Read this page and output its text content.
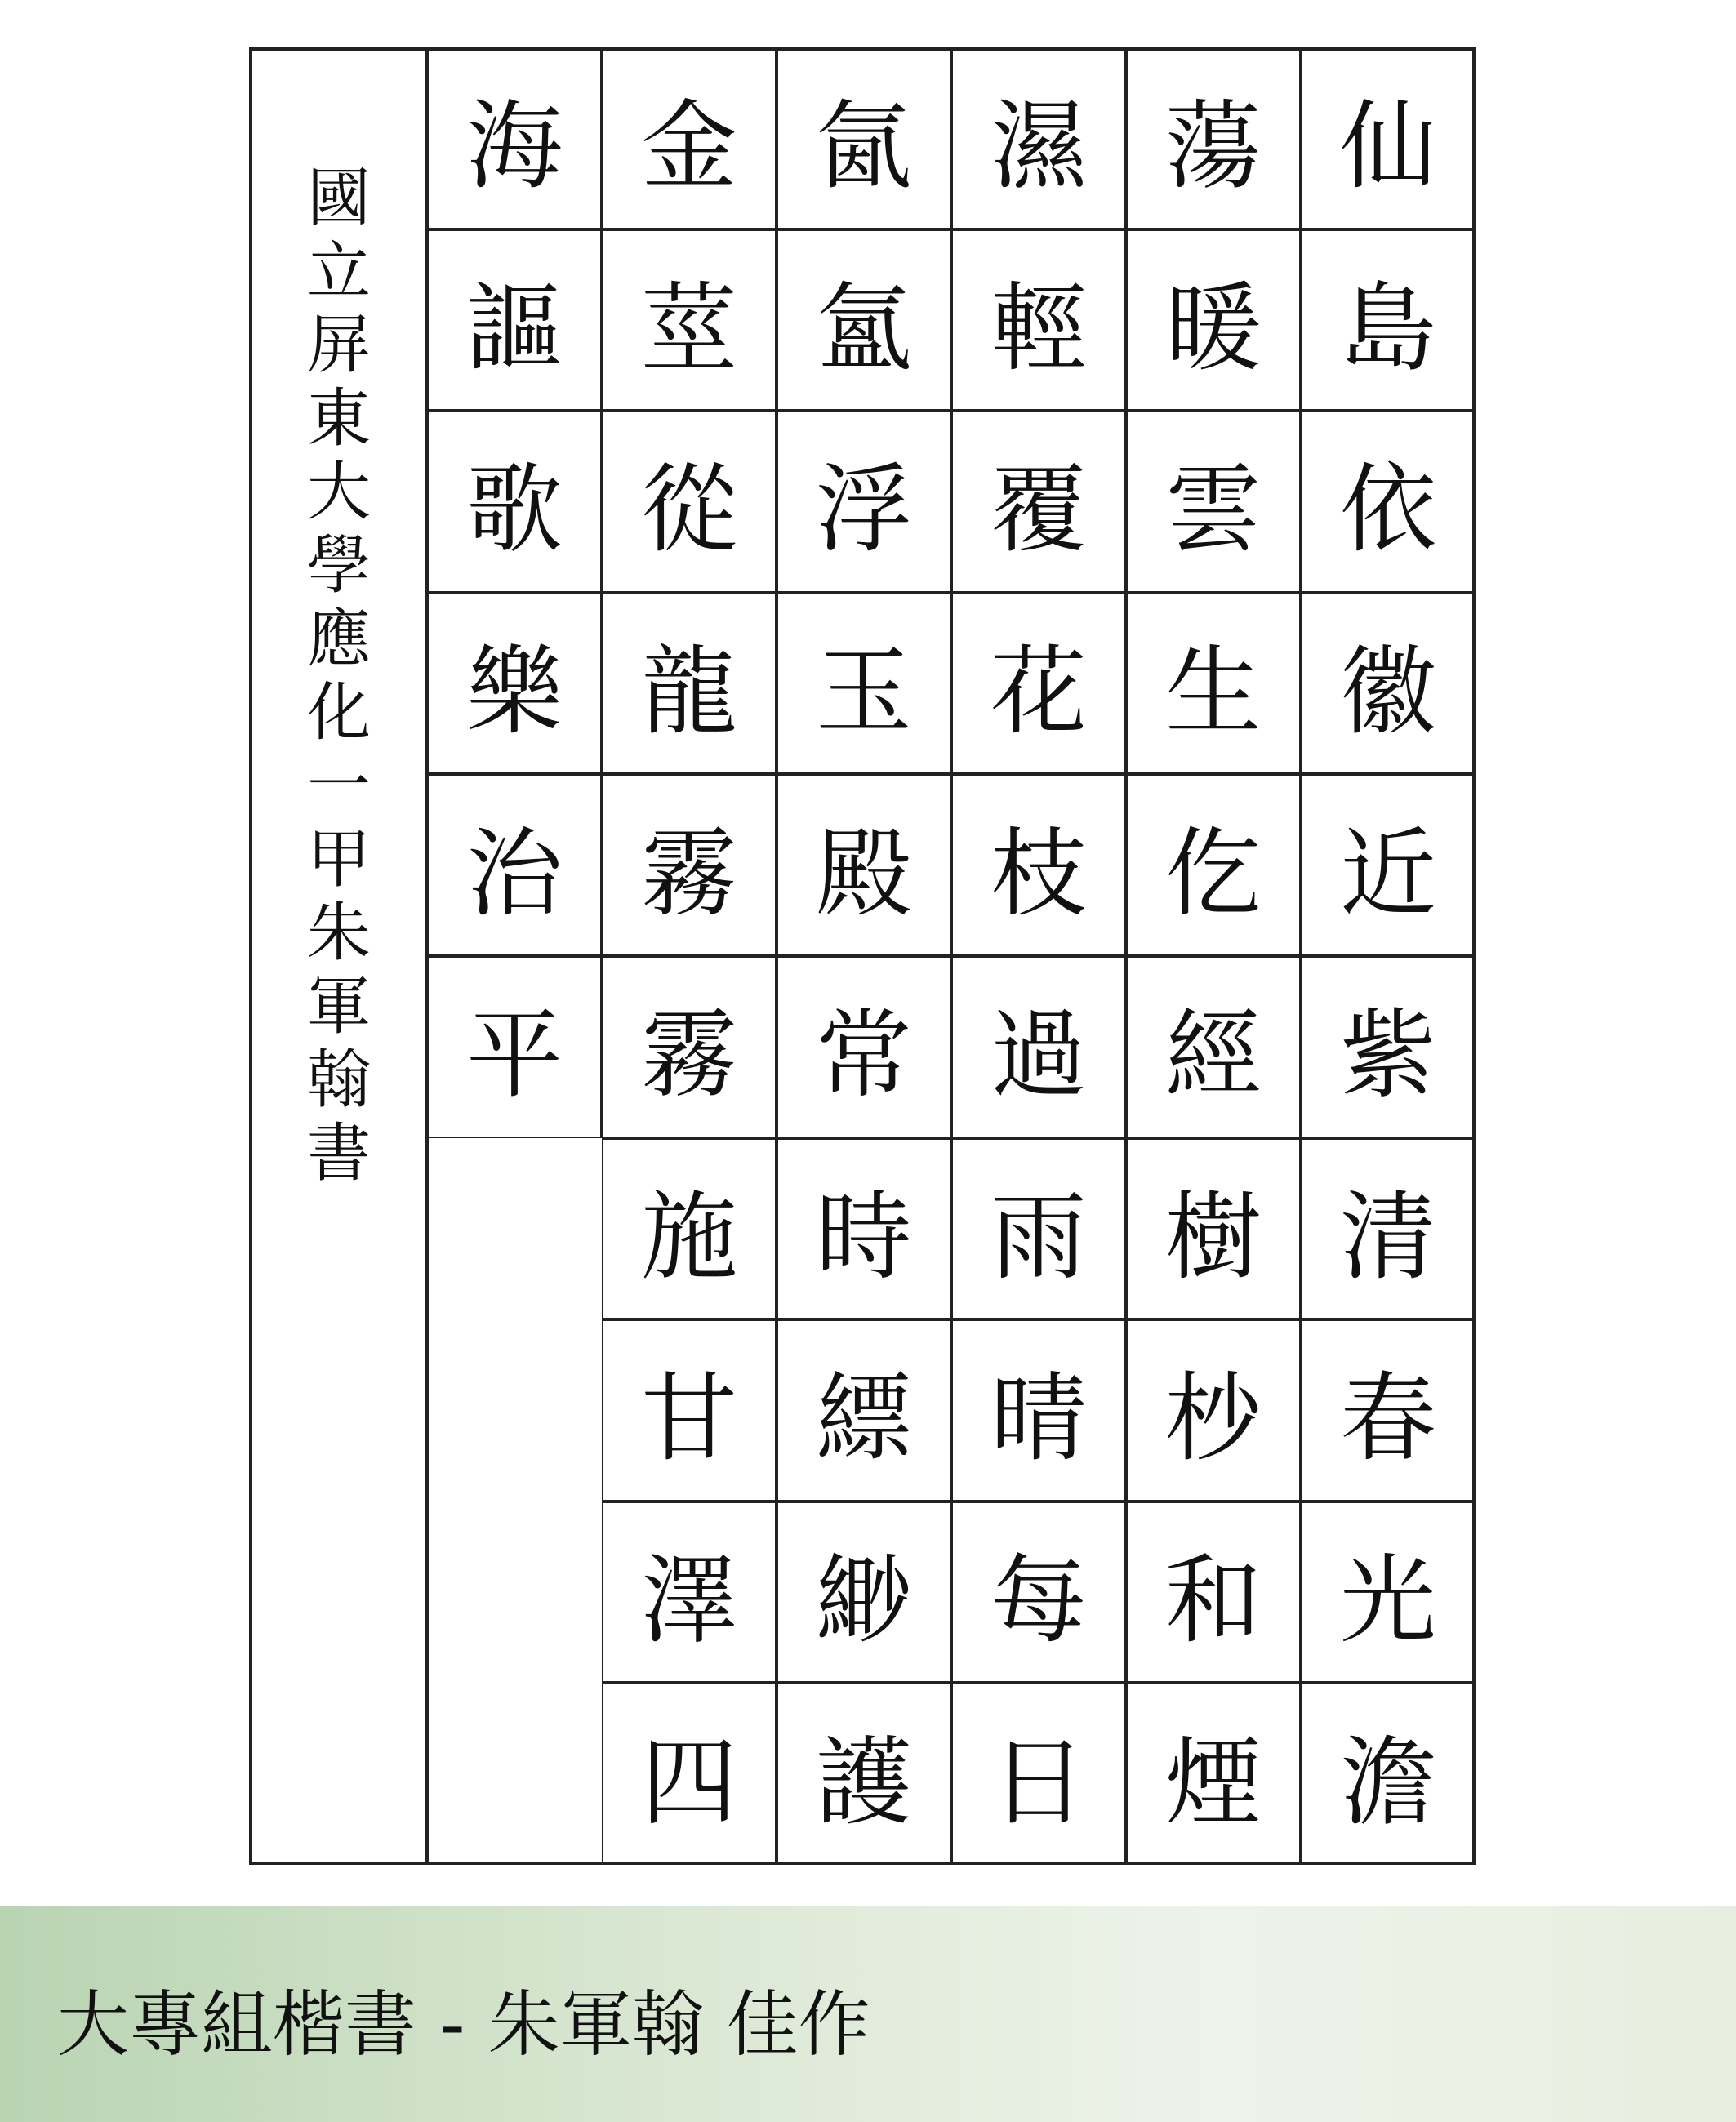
國
立
屏
東
大
學
應
化
一
甲
朱
軍
翰
書
仙
島
依
徽
近
紫
清
春
光
澹
蕩
暖
雲
生
仡
經
樹
杪
和
煙
濕
輕
覆
花
枝
過
雨
晴
每
日
氤
氳
浮
玉
殿
常
時
縹
緲
護
金
莖
從
龍
霧
霧
施
甘
澤
四
海
謳
歌
樂
治
平
大專組楷書 - 朱軍翰 佳作
